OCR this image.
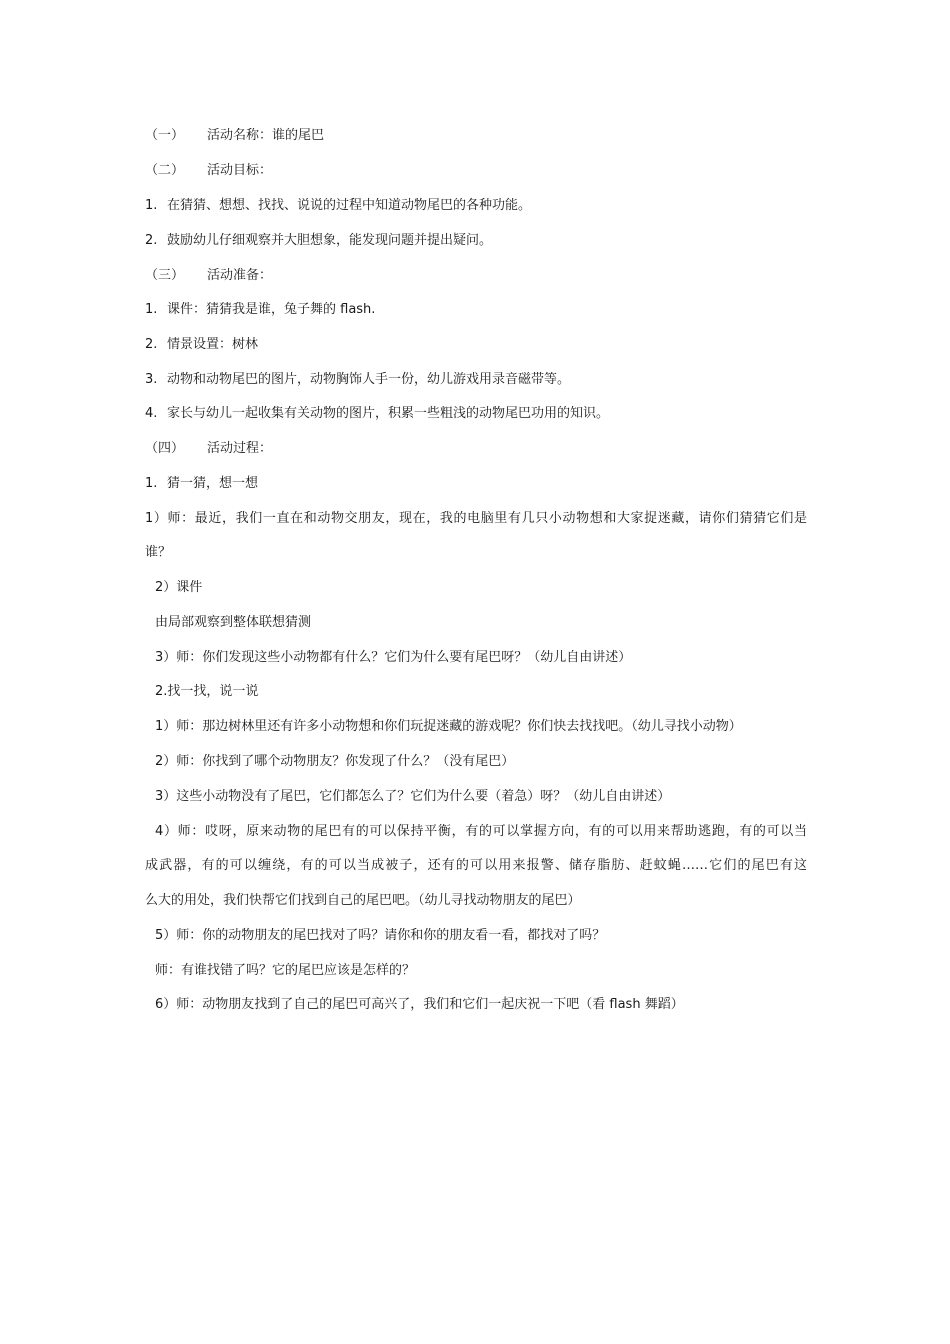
（一） 活动名称：谁的尾巴
（二） 活动目标：
1. 在猜猜、想想、找找、说说的过程中知道动物尾巴的各种功能。
2. 鼓励幼儿仔细观察并大胆想象，能发现问题并提出疑问。
（三） 活动准备：
1. 课件：猜猜我是谁，兔子舞的 flash.
2. 情景设置：树林
3. 动物和动物尾巴的图片，动物胸饰人手一份，幼儿游戏用录音磁带等。
4. 家长与幼儿一起收集有关动物的图片，积累一些粗浅的动物尾巴功用的知识。
（四） 活动过程：
1. 猜一猜，想一想
1）师：最近，我们一直在和动物交朋友，现在，我的电脑里有几只小动物想和大家捉迷藏，请你们猜猜它们是
谁？
2）课件
由局部观察到整体联想猜测
3）师：你们发现这些小动物都有什么？它们为什么要有尾巴呀？（幼儿自由讲述）
2.找一找，说一说
1）师：那边树林里还有许多小动物想和你们玩捉迷藏的游戏呢？你们快去找找吧。（幼儿寻找小动物）
2）师：你找到了哪个动物朋友？你发现了什么？（没有尾巴）
3）这些小动物没有了尾巴，它们都怎么了？它们为什么要（着急）呀？（幼儿自由讲述）
4）师：哎呀，原来动物的尾巴有的可以保持平衡，有的可以掌握方向，有的可以用来帮助逃跑，有的可以当
成武器，有的可以缠绕，有的可以当成被子，还有的可以用来报警、储存脂肪、赶蚊蝇……它们的尾巴有这
么大的用处，我们快帮它们找到自己的尾巴吧。（幼儿寻找动物朋友的尾巴）
5）师：你的动物朋友的尾巴找对了吗？请你和你的朋友看一看，都找对了吗？
师：有谁找错了吗？它的尾巴应该是怎样的？
6）师：动物朋友找到了自己的尾巴可高兴了，我们和它们一起庆祝一下吧（看 flash 舞蹈）
